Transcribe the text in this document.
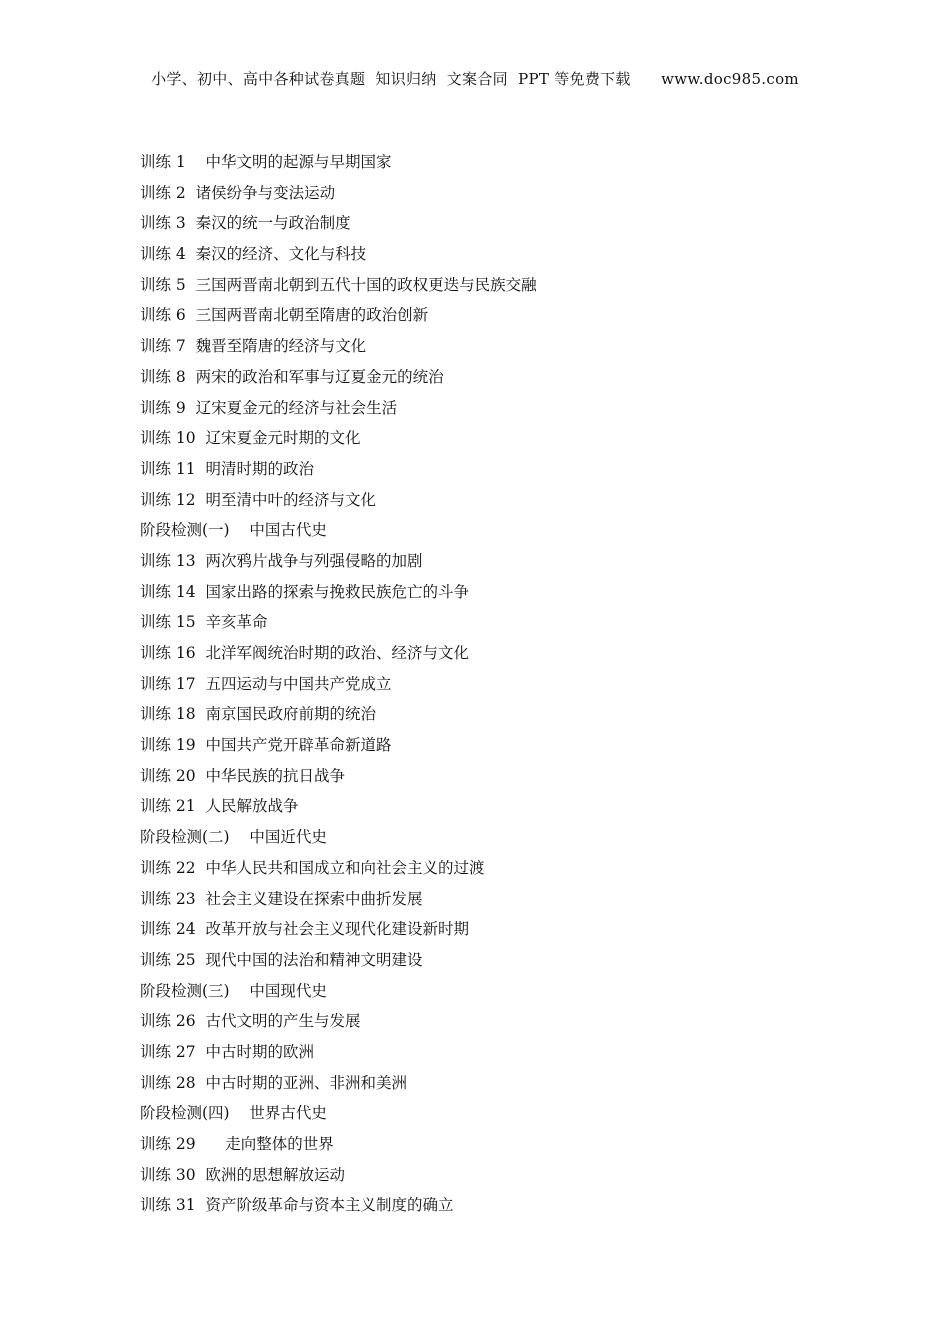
小学、初中、高中各种试卷真题  知识归纳  文案合同  PPT 等免费下载      www.doc985.com
训练 1 中华文明的起源与早期国家
训练 2 诸侯纷争与变法运动
训练 3 秦汉的统一与政治制度
训练 4 秦汉的经济、文化与科技
训练 5 三国两晋南北朝到五代十国的政权更迭与民族交融
训练 6 三国两晋南北朝至隋唐的政治创新
训练 7 魏晋至隋唐的经济与文化
训练 8 两宋的政治和军事与辽夏金元的统治
训练 9 辽宋夏金元的经济与社会生活
训练 10 辽宋夏金元时期的文化
训练 11 明清时期的政治
训练 12 明至清中叶的经济与文化
阶段检测(一) 中国古代史
训练 13 两次鸦片战争与列强侵略的加剧
训练 14 国家出路的探索与挽救民族危亡的斗争
训练 15 辛亥革命
训练 16 北洋军阀统治时期的政治、经济与文化
训练 17 五四运动与中国共产党成立
训练 18 南京国民政府前期的统治
训练 19 中国共产党开辟革命新道路
训练 20 中华民族的抗日战争
训练 21 人民解放战争
阶段检测(二) 中国近代史
训练 22 中华人民共和国成立和向社会主义的过渡
训练 23 社会主义建设在探索中曲折发展
训练 24 改革开放与社会主义现代化建设新时期
训练 25 现代中国的法治和精神文明建设
阶段检测(三) 中国现代史
训练 26 古代文明的产生与发展
训练 27 中古时期的欧洲
训练 28 中古时期的亚洲、非洲和美洲
阶段检测(四) 世界古代史
训练 29 走向整体的世界
训练 30 欧洲的思想解放运动
训练 31 资产阶级革命与资本主义制度的确立
